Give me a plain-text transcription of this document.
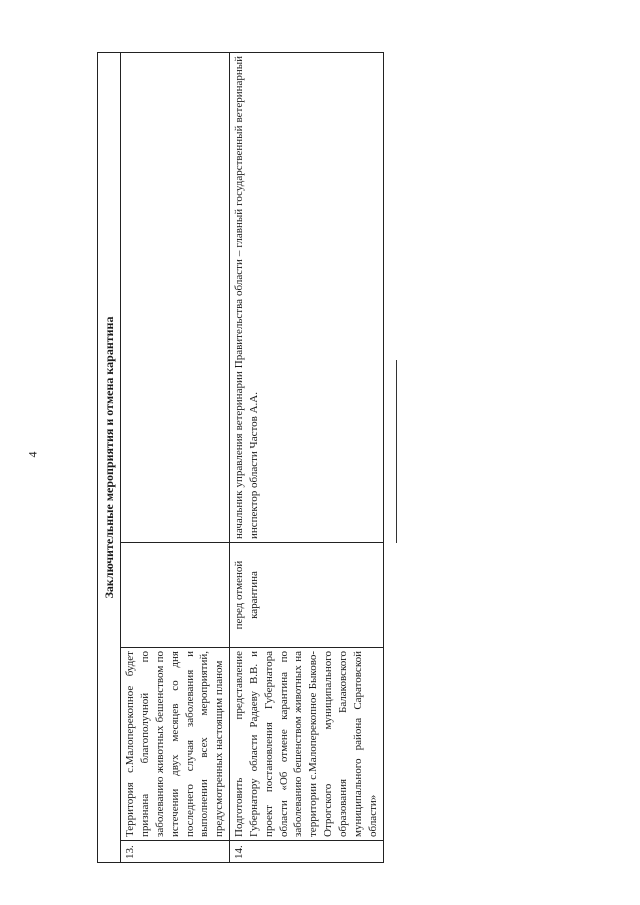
4	Заключительные мероприятия и отмена карантина			
13.	Территория с.Малоперекопное будет признана благополучной по заболеванию животных бешенством по истечении двух месяцев со дня последнего случая заболевания и выполнении всех мероприятий, предусмотренных настоящим планом		
14.	Подготовить представление Губернатору области Радаеву В.В. и проект постановления Губернатора области «Об отмене карантина по заболеванию бешенством животных на территории с.Малоперекопное Быково-Отрогского муниципального образования Балаковского муниципального района Саратовской области»	перед отменой карантина	начальник управления ветеринарии Правительства области – главный государственный ветеринарный инспектор области Частов А.А.
